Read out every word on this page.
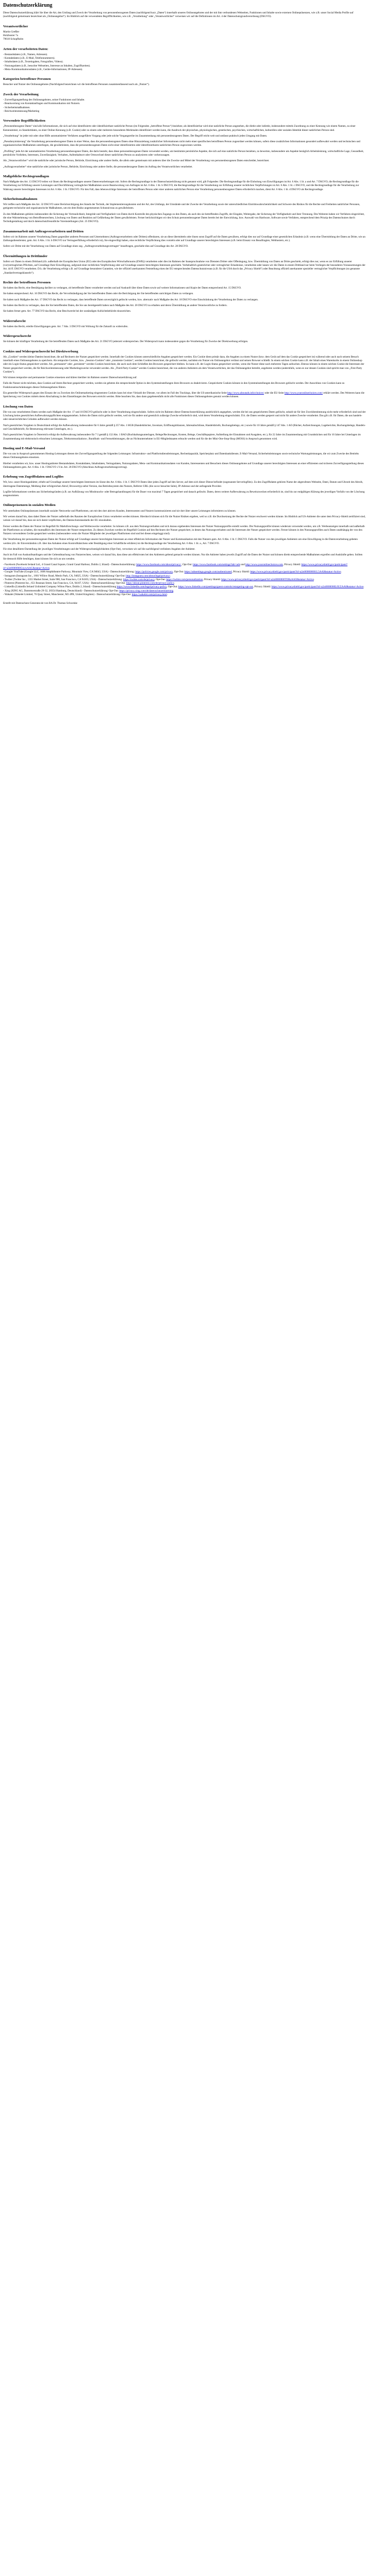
Datenschutzerklärung

Diese Datenschutzerklärung klärt Sie über die Art, den Umfang und Zweck der Verarbeitung von personenbezogenen Daten (nachfolgend kurz „Daten“) innerhalb unseres Onlineangebotes und der mit ihm verbundenen Webseiten, Funktionen und Inhalte sowie externen Onlinepräsenzen, wie z.B. unser Social Media Profile auf (nachfolgend gemeinsam bezeichnet als „Onlineangebot“). Im Hinblick auf die verwendeten Begrifflichkeiten, wie z.B. „Verarbeitung“ oder „Verantwortlicher“ verweisen wir auf die Definitionen im Art. 4 der Datenschutzgrundverordnung (DSGVO).

Verantwortlicher
Martin Greßler
Holzboster 7a
79618 Schopfheim
Arten der verarbeiteten Daten:
- Bestandsdaten (z.B., Namen, Adressen).
- Kontaktdaten (z.B., E-Mail, Telefonnummern).
- Inhaltsdaten (z.B., Texteingaben, Fotografien, Videos).
- Nutzungsdaten (z.B., besuchte Webseiten, Interesse an Inhalten, Zugriffszeiten).
- Meta-/Kommunikationsdaten (z.B., Geräte-Informationen, IP-Adressen).
Kategorien betroffener Personen

Besucher und Nutzer des Onlineangebotes (Nachfolgend bezeichnen wir die betroffenen Personen zusammenfassend auch als „Nutzer“).

Zweck der Verarbeitung
- Zurverfügungstellung des Onlineangebotes, seiner Funktionen und Inhalte.
- Beantwortung von Kontaktanfragen und Kommunikation mit Nutzern.
- Sicherheitsmaßnahmen.
- Reichweitenmessung/Marketing
Verwendete Begrifflichkeiten

„Personenbezogene Daten“ sind alle Informationen, die sich auf eine identifizierte oder identifizierbare natürliche Person (im Folgenden „betroffene Person“) beziehen; als identifizierbar wird eine natürliche Person angesehen, die direkt oder indirekt, insbesondere mittels Zuordnung zu einer Kennung wie einem Namen, zu einer Kennnummer, zu Standortdaten, zu einer Online-Kennung (z.B. Cookie) oder zu einem oder mehreren besonderen Merkmalen identifiziert werden kann, die Ausdruck der physischen, physiologischen, genetischen, psychischen, wirtschaftlichen, kulturellen oder sozialen Identität dieser natürlichen Person sind.

„Verarbeitung“ ist jeder mit oder ohne Hilfe automatisierter Verfahren ausgeführte Vorgang oder jede solche Vorgangsreihe im Zusammenhang mit personenbezogenen Daten. Der Begriff reicht weit und umfasst praktisch jeden Umgang mit Daten.

„Pseudonymisierung“ die Verarbeitung personenbezogener Daten in einer Weise, dass die personenbezogenen Daten ohne Hinzuziehung zusätzlicher Informationen nicht mehr einer spezifischen betroffenen Person zugeordnet werden können, sofern diese zusätzlichen Informationen gesondert aufbewahrt werden und technischen und organisatorischen Maßnahmen unterliegen, die gewährleisten, dass die personenbezogenen Daten nicht einer identifizierten oder identifizierbaren natürlichen Person zugewiesen werden.

„Profiling“ jede Art der automatisierten Verarbeitung personenbezogener Daten, die darin besteht, dass diese personenbezogenen Daten verwendet werden, um bestimmte persönliche Aspekte, die sich auf eine natürliche Person beziehen, zu bewerten, insbesondere um Aspekte bezüglich Arbeitsleistung, wirtschaftliche Lage, Gesundheit, persönliche Vorlieben, Interessen, Zuverlässigkeit, Verhalten, Aufenthaltsort oder Ortswechsel dieser natürlichen Person zu analysieren oder vorherzusagen.

Als „Verantwortlicher“ wird die natürliche oder juristische Person, Behörde, Einrichtung oder andere Stelle, die allein oder gemeinsam mit anderen über die Zwecke und Mittel der Verarbeitung von personenbezogenen Daten entscheidet, bezeichnet.

„Auftragsverarbeiter“ eine natürliche oder juristische Person, Behörde, Einrichtung oder andere Stelle, die personenbezogene Daten im Auftrag des Verantwortlichen verarbeitet.

Maßgebliche Rechtsgrundlagen

Nach Maßgabe des Art. 13 DSGVO teilen wir Ihnen die Rechtsgrundlagen unserer Datenverarbeitungen mit. Sofern die Rechtsgrundlage in der Datenschutzerklärung nicht genannt wird, gilt Folgendes: Die Rechtsgrundlage für die Einholung von Einwilligungen ist Art. 6 Abs. 1 lit. a und Art. 7 DSGVO, die Rechtsgrundlage für die Verarbeitung zur Erfüllung unserer Leistungen und Durchführung vertraglicher Maßnahmen sowie Beantwortung von Anfragen ist Art. 6 Abs. 1 lit. b DSGVO, die Rechtsgrundlage für die Verarbeitung zur Erfüllung unserer rechtlichen Verpflichtungen ist Art. 6 Abs. 1 lit. c DSGVO, und die Rechtsgrundlage für die Verarbeitung zur Wahrung unserer berechtigten Interessen ist Art. 6 Abs. 1 lit. f DSGVO. Für den Fall, dass lebenswichtige Interessen der betroffenen Person oder einer anderen natürlichen Person eine Verarbeitung personenbezogener Daten erforderlich machen, dient Art. 6 Abs. 1 lit. d DSGVO als Rechtsgrundlage.

Sicherheitsmaßnahmen

Wir treffen nach Maßgabe des Art. 32 DSGVO unter Berücksichtigung des Stands der Technik, der Implementierungskosten und der Art, des Umfangs, der Umstände und der Zwecke der Verarbeitung sowie der unterschiedlichen Eintrittswahrscheinlichkeit und Schwere des Risikos für die Rechte und Freiheiten natürlicher Personen, geeignete technische und organisatorische Maßnahmen, um ein dem Risiko angemessenes Schutzniveau zu gewährleisten.

Zu den Maßnahmen gehören insbesondere die Sicherung der Vertraulichkeit, Integrität und Verfügbarkeit von Daten durch Kontrolle des physischen Zugangs zu den Daten, als auch des sie betreffenden Zugriffs, der Eingabe, Weitergabe, der Sicherung der Verfügbarkeit und ihrer Trennung. Des Weiteren haben wir Verfahren eingerichtet, die eine Wahrnehmung von Betroffenenrechten, Löschung von Daten und Reaktion auf Gefährdung der Daten gewährleisten. Ferner berücksichtigen wir den Schutz personenbezogener Daten bereits bei der Entwicklung, bzw. Auswahl von Hardware, Software sowie Verfahren, entsprechend dem Prinzip des Datenschutzes durch Technikgestaltung und durch datenschutzfreundliche Voreinstellungen (Art. 25 DSGVO).

Zusammenarbeit mit Auftragsverarbeitern und Dritten

Sofern wir im Rahmen unserer Verarbeitung Daten gegenüber anderen Personen und Unternehmen (Auftragsverarbeitern oder Dritten) offenbaren, sie an diese übermitteln oder ihnen sonst Zugriff auf die Daten gewähren, erfolgt dies nur auf Grundlage einer gesetzlichen Erlaubnis (z.B. wenn eine Übermittlung der Daten an Dritte, wie an Zahlungsdienstleister, gem. Art. 6 Abs. 1 lit. b DSGVO zur Vertragserfüllung erforderlich ist), Sie eingewilligt haben, eine rechtliche Verpflichtung dies vorsieht oder auf Grundlage unserer berechtigten Interessen (z.B. beim Einsatz von Beauftragten, Webhostern, etc.).

Sofern wir Dritte mit der Verarbeitung von Daten auf Grundlage eines sog. „Auftragsverarbeitungsvertrages“ beauftragen, geschieht dies auf Grundlage des Art. 28 DSGVO.

Übermittlungen in Drittländer

Sofern wir Daten in einem Drittland (d.h. außerhalb der Europäischen Union (EU) oder des Europäischen Wirtschaftsraums (EWR)) verarbeiten oder dies im Rahmen der Inanspruchnahme von Diensten Dritter oder Offenlegung, bzw. Übermittlung von Daten an Dritte geschieht, erfolgt dies nur, wenn es zur Erfüllung unserer (vor)vertraglichen Pflichten, auf Grundlage Ihrer Einwilligung, aufgrund einer rechtlichen Verpflichtung oder auf Grundlage unserer berechtigten Interessen geschieht. Vorbehaltlich gesetzlicher oder vertraglicher Erlaubnisse, verarbeiten oder lassen wir die Daten in einem Drittland nur beim Vorliegen der besonderen Voraussetzungen der Art. 44 ff. DSGVO verarbeiten. D.h. die Verarbeitung erfolgt z.B. auf Grundlage besonderer Garantien, wie der offiziell anerkannten Feststellung eines der EU entsprechenden Datenschutzniveaus (z.B. für die USA durch das „Privacy Shield“) oder Beachtung offiziell anerkannter spezieller vertraglicher Verpflichtungen (so genannte „Standardvertragsklauseln“).

Rechte der betroffenen Personen

Sie haben das Recht, eine Bestätigung darüber zu verlangen, ob betreffende Daten verarbeitet werden und auf Auskunft über diese Daten sowie auf weitere Informationen und Kopie der Daten entsprechend Art. 15 DSGVO.

Sie haben entsprechend. Art. 16 DSGVO das Recht, die Vervollständigung der Sie betreffenden Daten oder die Berichtigung der Sie betreffenden unrichtigen Daten zu verlangen.

Sie haben nach Maßgabe des Art. 17 DSGVO das Recht zu verlangen, dass betreffende Daten unverzüglich gelöscht werden, bzw. alternativ nach Maßgabe des Art. 18 DSGVO eine Einschränkung der Verarbeitung der Daten zu verlangen.

Sie haben das Recht zu verlangen, dass die Sie betreffenden Daten, die Sie uns bereitgestellt haben nach Maßgabe des Art. 20 DSGVO zu erhalten und deren Übermittlung an andere Verantwortliche zu fordern.

Sie haben ferner gem. Art. 77 DSGVO das Recht, eine Beschwerde bei der zuständigen Aufsichtsbehörde einzureichen.

Widerrufsrecht

Sie haben das Recht, erteilte Einwilligungen gem. Art. 7 Abs. 3 DSGVO mit Wirkung für die Zukunft zu widerrufen.

Widerspruchsrecht

Sie können der künftigen Verarbeitung der Sie betreffenden Daten nach Maßgabe des Art. 21 DSGVO jederzeit widersprechen. Der Widerspruch kann insbesondere gegen die Verarbeitung für Zwecke der Direktwerbung erfolgen.

Cookies und Widerspruchsrecht bei Direktwerbung

Als „Cookies“ werden kleine Dateien bezeichnet, die auf Rechnern der Nutzer gespeichert werden. Innerhalb der Cookies können unterschiedliche Angaben gespeichert werden. Ein Cookie dient primär dazu, die Angaben zu einem Nutzer (bzw. dem Gerät auf dem das Cookie gespeichert ist) während oder auch nach seinem Besuch innerhalb eines Onlineangebotes zu speichern. Als temporäre Cookies, bzw. „Session-Cookies“ oder „transiente Cookies“, werden Cookies bezeichnet, die gelöscht werden, nachdem ein Nutzer ein Onlineangebot verlässt und seinen Browser schließt. In einem solchen Cookie kann z.B. der Inhalt eines Warenkorbs in einem Onlineshop oder ein Login-Status gespeichert werden. Als „permanent“ oder „persistent“ werden Cookies bezeichnet, die auch nach dem Schließen des Browsers gespeichert bleiben. So kann z.B. der Login-Status gespeichert werden, wenn die Nutzer diese nach mehreren Tagen aufsuchen. Ebenso können in einem solchen Cookie die Interessen der Nutzer gespeichert werden, die für Reichweitenmessung oder Marketingzwecke verwendet werden. Als „Third-Party-Cookie“ werden Cookies bezeichnet, die von anderen Anbietern als dem Verantwortlichen, der das Onlineangebot betreibt, angeboten werden (andernfalls, wenn es nur dessen Cookies sind spricht man von „First-Party Cookies“).

Wir können temporäre und permanente Cookies einsetzen und klären hierüber im Rahmen unserer Datenschutzerklärung auf.

Falls die Nutzer nicht möchten, dass Cookies auf ihrem Rechner gespeichert werden, werden sie gebeten die entsprechende Option in den Systemeinstellungen ihres Browsers zu deaktivieren. Gespeicherte Cookies können in den Systemeinstellungen des Browsers gelöscht werden. Der Ausschluss von Cookies kann zu Funktionseinschränkungen dieses Onlineangebotes führen.

Ein genereller Widerspruch gegen den Einsatz der zu Zwecken des Onlinemarketing eingesetzten Cookies kann bei einer Vielzahl der Dienste, vor allem im Fall des Trackings, über die US-amerikanische Seite http://www.aboutads.info/choices/ oder die EU-Seite http://www.youronlinechoices.com/ erklärt werden. Des Weiteren kann die Speicherung von Cookies mittels deren Abschaltung in den Einstellungen des Browsers erreicht werden. Bitte beachten Sie, dass dann gegebenenfalls nicht alle Funktionen dieses Onlineangebotes genutzt werden können.

Löschung von Daten

Die von uns verarbeiteten Daten werden nach Maßgabe der Art. 17 und 18 DSGVO gelöscht oder in ihrer Verarbeitung eingeschränkt. Sofern nicht im Rahmen dieser Datenschutzerklärung ausdrücklich angegeben, werden die bei uns gespeicherten Daten gelöscht, sobald sie für ihre Zweckbestimmung nicht mehr erforderlich sind und der Löschung keine gesetzlichen Aufbewahrungspflichten entgegenstehen. Sofern die Daten nicht gelöscht werden, weil sie für andere und gesetzlich zulässige Zwecke erforderlich sind, wird deren Verarbeitung eingeschränkt. D.h. die Daten werden gesperrt und nicht für andere Zwecke verarbeitet. Das gilt z.B. für Daten, die aus handels- oder steuerrechtlichen Gründen aufbewahrt werden müssen.

Nach gesetzlichen Vorgaben in Deutschland erfolgt die Aufbewahrung insbesondere für 6 Jahre gemäß § 257 Abs. 1 HGB (Handelsbücher, Inventare, Eröffnungsbilanzen, Jahresabschlüsse, Handelsbriefe, Buchungsbelege, etc.) sowie für 10 Jahre gemäß § 147 Abs. 1 AO (Bücher, Aufzeichnungen, Lageberichte, Buchungsbelege, Handels- und Geschäftsbriefe, für Besteuerung relevante Unterlagen, etc.).

Nach gesetzlichen Vorgaben in Österreich erfolgt die Aufbewahrung insbesondere für 7 J gemäß § 132 Abs. 1 BAO (Buchhaltungsunterlagen, Belege/Rechnungen, Konten, Belege, Geschäftspapiere, Aufstellung der Einnahmen und Ausgaben, etc.), für 22 Jahre im Zusammenhang mit Grundstücken und für 10 Jahre bei Unterlagen im Zusammenhang mit elektronisch erbrachten Leistungen, Telekommunikations-, Rundfunk- und Fernsehleistungen, die an Nichtunternehmer in EU-Mitgliedstaaten erbracht werden und für die der Mini-One-Stop-Shop (MOSS) in Anspruch genommen wird.

Hosting und E-Mail-Versand

Die von uns in Anspruch genommenen Hosting-Leistungen dienen der Zurverfügungstellung der folgenden Leistungen: Infrastruktur- und Plattformdienstleistungen, Rechenkapazität, Speicherplatz und Datenbankdienste, E-Mail-Versand, Sicherheitsleistungen sowie technische Wartungsleistungen, die wir zum Zwecke des Betriebs dieses Onlineangebotes einsetzen.

Hierbei verarbeiten wir, bzw. unser Hostinganbieter Bestandsdaten, Kontaktdaten, Inhaltsdaten, Vertragsdaten, Nutzungsdaten, Meta- und Kommunikationsdaten von Kunden, Interessenten und Besuchern dieses Onlineangebotes auf Grundlage unserer berechtigten Interessen an einer effizienten und sicheren Zurverfügungstellung dieses Onlineangebotes gem. Art. 6 Abs. 1 lit. f DSGVO i.V.m. Art. 28 DSGVO (Abschluss Auftragsverarbeitungsvertrag).

Erhebung von Zugriffsdaten und Logfiles

Wir, bzw. unser Hostinganbieter, erhebt auf Grundlage unserer berechtigten Interessen im Sinne des Art. 6 Abs. 1 lit. f. DSGVO Daten über jeden Zugriff auf den Server, auf dem sich dieser Dienst befindet (sogenannte Serverlogfiles). Zu den Zugriffsdaten gehören Name der abgerufenen Webseite, Datei, Datum und Uhrzeit des Abrufs, übertragene Datenmenge, Meldung über erfolgreichen Abruf, Browsertyp nebst Version, das Betriebssystem des Nutzers, Referrer URL (die zuvor besuchte Seite), IP-Adresse und der anfragende Provider.

Logfile-Informationen werden aus Sicherheitsgründen (z.B. zur Aufklärung von Missbrauchs- oder Betrugshandlungen) für die Dauer von maximal 7 Tagen gespeichert und danach gelöscht. Daten, deren weitere Aufbewahrung zu Beweiszwecken erforderlich ist, sind bis zur endgültigen Klärung des jeweiligen Vorfalls von der Löschung ausgenommen.

Onlinepräsenzen in sozialen Medien

Wir unterhalten Onlinepräsenzen innerhalb sozialer Netzwerke und Plattformen, um mit den dort aktiven Kunden, Interessenten und Nutzern kommunizieren und sie dort über unsere Leistungen informieren zu können.

Wir weisen darauf hin, dass dabei Daten der Nutzer außerhalb des Raumes der Europäischen Union verarbeitet werden können. Hierdurch können sich für die Nutzer Risiken ergeben, weil so z.B. die Durchsetzung der Rechte der Nutzer erschwert werden könnte. Im Hinblick auf US-Anbieter die unter dem Privacy-Shield zertifiziert sind, weisen wir darauf hin, dass sie sich damit verpflichten, die Datenschutzstandards der EU einzuhalten.

Ferner werden die Daten der Nutzer im Regelfall für Marktforschungs- und Werbezwecke verarbeitet. So können z.B. aus dem Nutzungsverhalten und sich daraus ergebenden Interessen der Nutzer Nutzungsprofile erstellt werden. Die Nutzungsprofile können wiederum verwendet werden, um z.B. Werbeanzeigen innerhalb und außerhalb der Plattformen zu schalten, die mutmaßlich den Interessen der Nutzer entsprechen. Zu diesen Zwecken werden im Regelfall Cookies auf den Rechnern der Nutzer gespeichert, in denen das Nutzungsverhalten und die Interessen der Nutzer gespeichert werden. Ferner können in den Nutzungsprofilen auch Daten unabhängig der von den Nutzern verwendeten Geräte gespeichert werden (insbesondere wenn die Nutzer Mitglieder der jeweiligen Plattformen sind und bei diesen eingeloggt sind).

Die Verarbeitung der personenbezogenen Daten der Nutzer erfolgt auf Grundlage unserer berechtigten Interessen an einer effektiven Information der Nutzer und Kommunikation mit den Nutzern gem. Art. 6 Abs. 1 lit. f. DSGVO. Falls die Nutzer von den jeweiligen Anbietern um eine Einwilligung in die Datenverarbeitung gebeten werden (d.h. ihr Einverständnis z.B. über das Anhaken eines Kontrollkästchens oder Bestätigung einer Schaltfläche erklären) ist die Rechtsgrundlage der Verarbeitung Art. 6 Abs. 1 lit. a., Art. 7 DSGVO.

Für eine detaillierte Darstellung der jeweiligen Verarbeitungen und der Widerspruchsmöglichkeiten (Opt-Out), verweisen wir auf die nachfolgend verlinkten Angaben der Anbieter.

Auch im Fall von Auskunftsanfragen und der Geltendmachung von Nutzerrechten, weisen wir darauf hin, dass diese am effektivsten bei den Anbietern geltend gemacht werden können. Nur die Anbieter haben jeweils Zugriff auf die Daten der Nutzer und können direkt entsprechende Maßnahmen ergreifen und Auskünfte geben. Sollten Sie dennoch Hilfe benötigen, dann können Sie sich an uns wenden.

- Facebook (Facebook Ireland Ltd., 4 Grand Canal Square, Grand Canal Harbour, Dublin 2, Irland) - Datenschutzerklärung: https://www.facebook.com/about/privacy/, Opt-Out: https://www.facebook.com/settings?tab=ads und http://www.youronlinechoices.com, Privacy Shield: https://www.privacyshield.gov/participant?id=a2zt0000000GnywAAC&status=Active.
- Google/ YouTube (Google LLC, 1600 Amphitheatre Parkway, Mountain View, CA 94043, USA) - Datenschutzerklärung: https://policies.google.com/privacy, Opt-Out: https://adssettings.google.com/authenticated, Privacy Shield: https://www.privacyshield.gov/participant?id=a2zt000000001L5AAI&status=Active.
- Instagram (Instagram Inc., 1601 Willow Road, Menlo Park, CA, 94025, USA) - Datenschutzerklärung/ Opt-Out: http://instagram.com/about/legal/privacy/.
- Twitter (Twitter Inc., 1355 Market Street, Suite 900, San Francisco, CA 94103, USA) - Datenschutzerklärung: https://twitter.com/de/privacy, Opt-Out: https://twitter.com/personalization, Privacy Shield: https://www.privacyshield.gov/participant?id=a2zt0000000TORzAAO&status=Active.
- Pinterest (Pinterest Inc., 651 Brannan Street, San Francisco, CA, 94107, USA) - Datenschutzerklärung/ Opt-Out: https://about.pinterest.com/de/privacy-policy.
- LinkedIn (LinkedIn Ireland Unlimited Company Wilton Place, Dublin 2, Irland) - Datenschutzerklärung https://www.linkedin.com/legal/privacy-policy, Opt-Out: https://www.linkedin.com/psettings/guest-controls/retargeting-opt-out, Privacy Shield: https://www.privacyshield.gov/participant?id=a2zt0000000L0UZAA0&status=Active.
- Xing (XING AG, Dammtorstraße 29-32, 20354 Hamburg, Deutschland) - Datenschutzerklärung/ Opt-Out: https://privacy.xing.com/de/datenschutzerklaerung.
- Wakalet (Wakelet Limited, 76 Quay Street, Manchester, M3 4PR, United Kingdom) - Datenschutzerklärung/ Opt-Out: https://wakelet.com/privacy.html.

Erstellt mit Datenschutz-Generator.de von RA Dr. Thomas Schwenke
